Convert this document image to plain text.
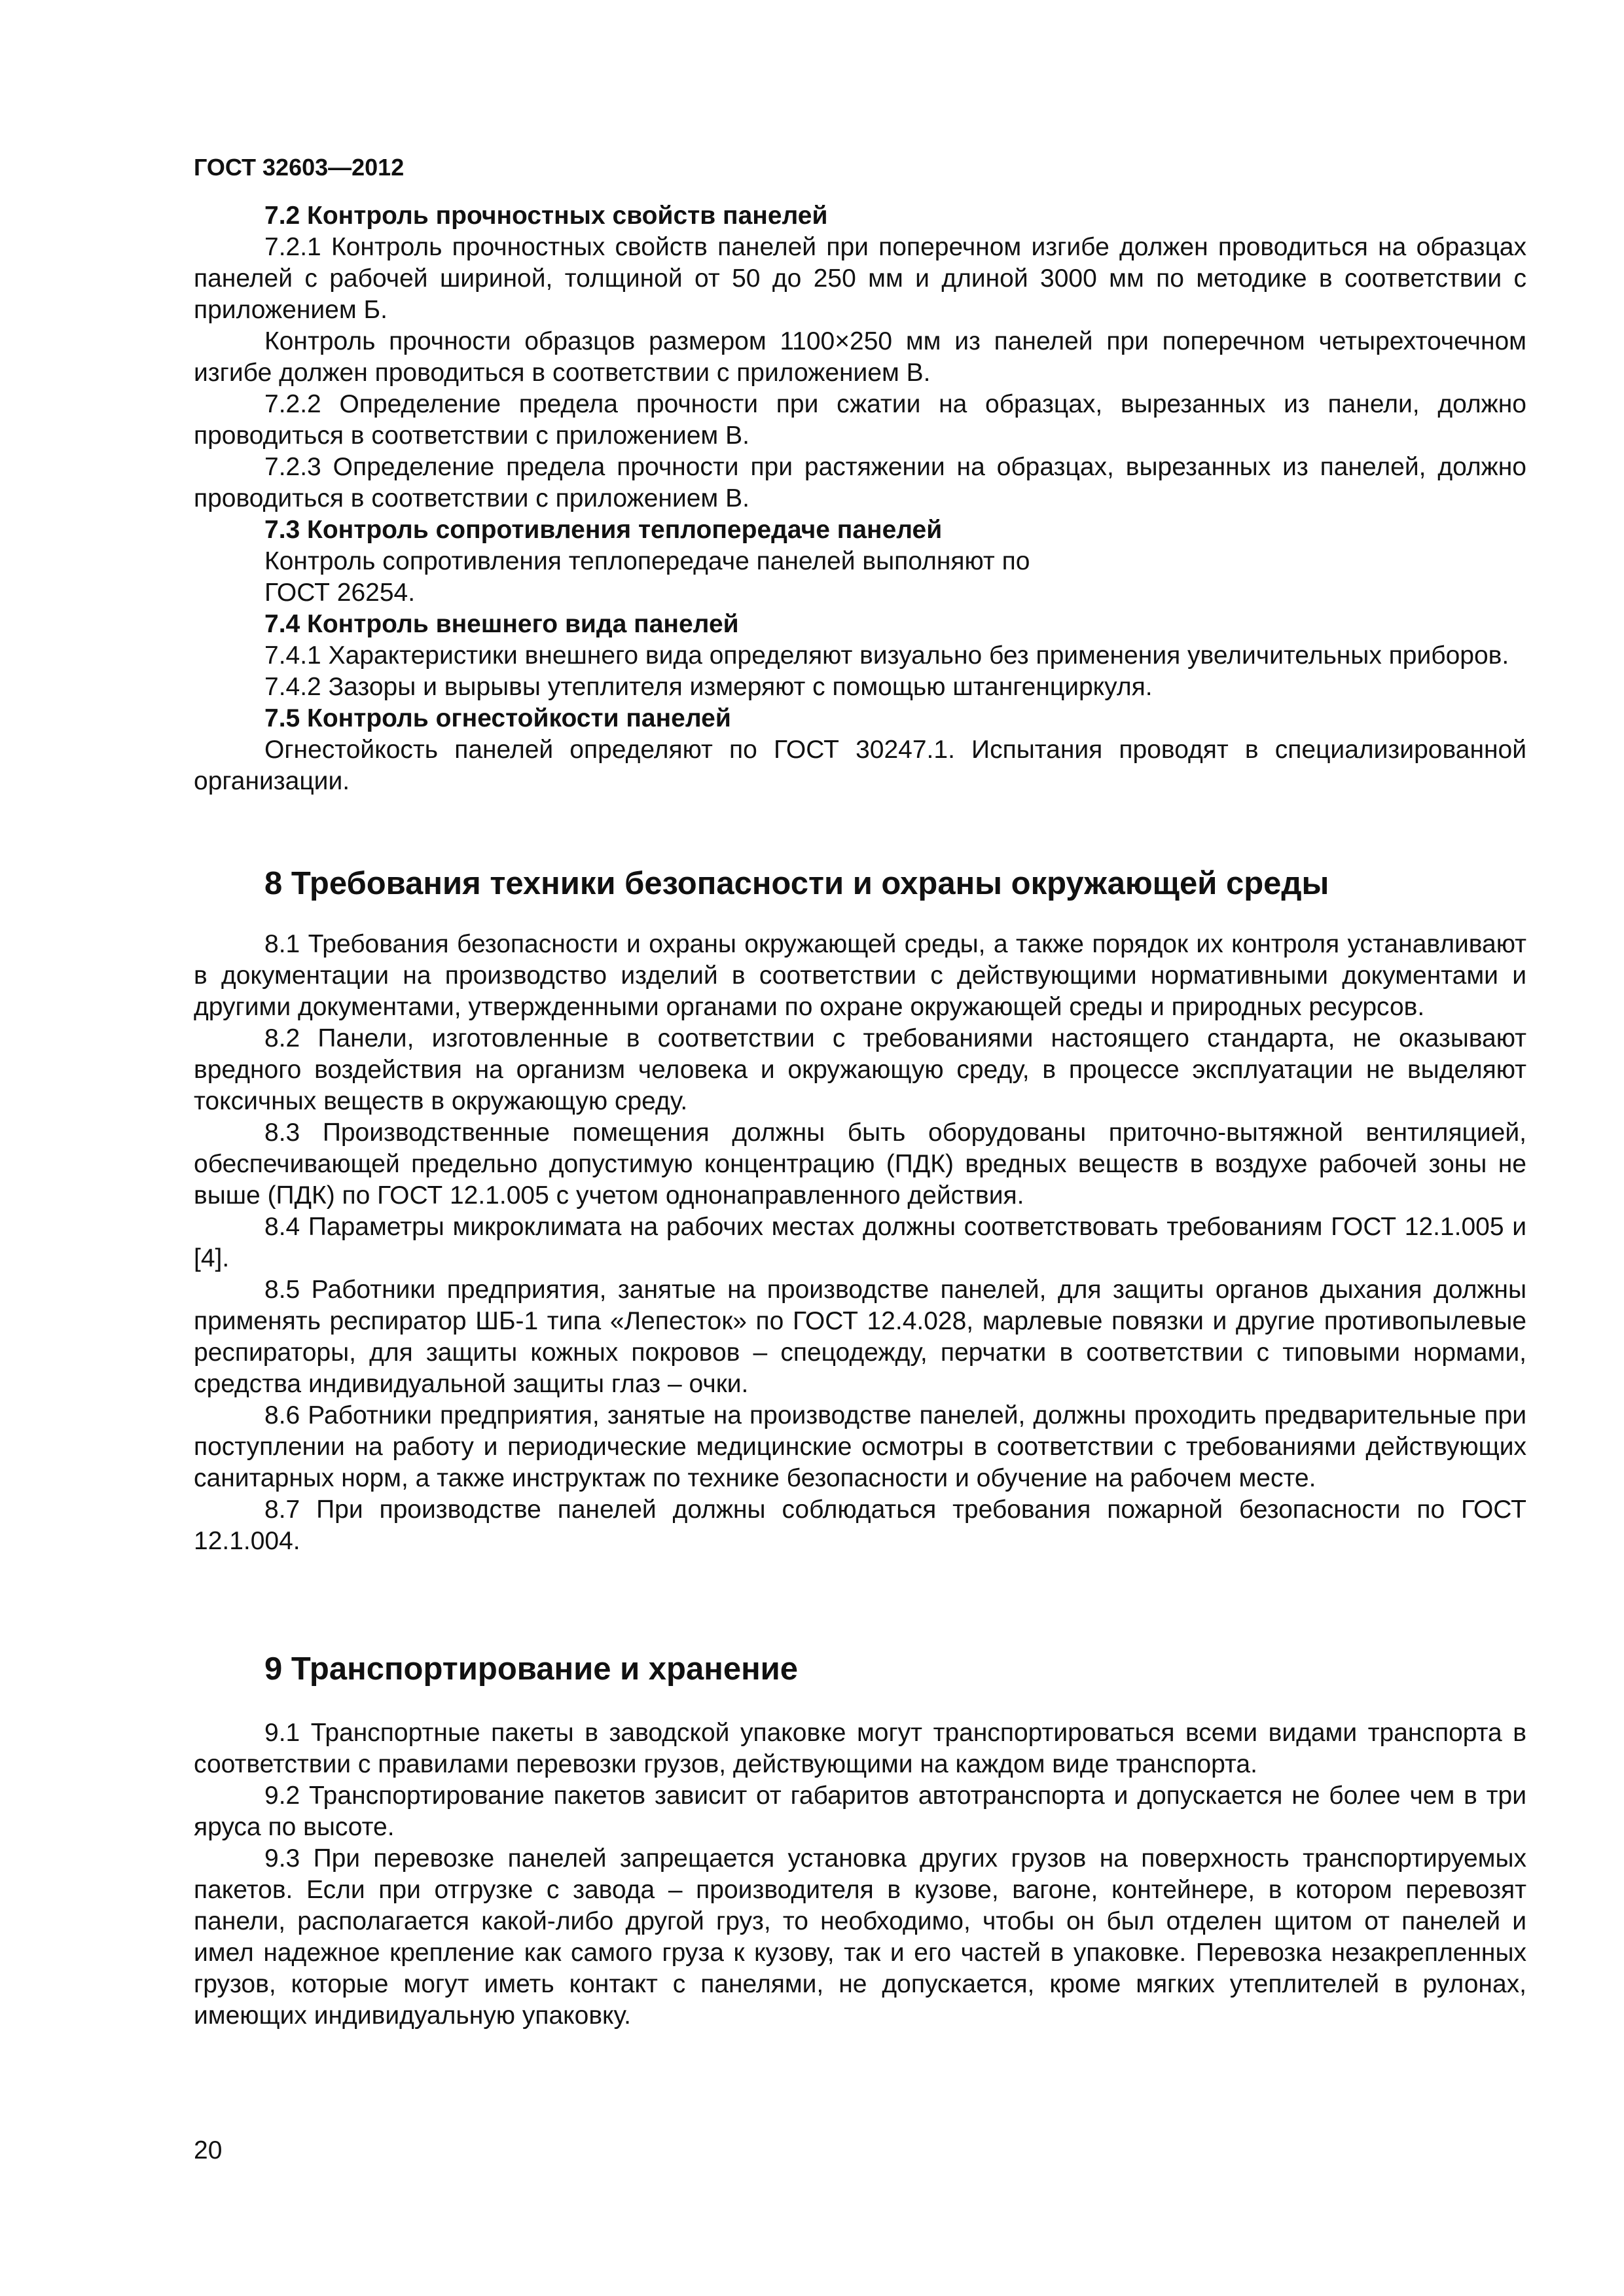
ГОСТ 32603—2012

7.2 Контроль прочностных свойств панелей

7.2.1 Контроль прочностных свойств панелей при поперечном изгибе должен проводиться на образцах панелей с рабочей шириной, толщиной от 50 до 250 мм и длиной 3000 мм по методике в соответствии с приложением Б.

Контроль прочности образцов размером 1100×250 мм из панелей при поперечном четырехточечном изгибе должен проводиться в соответствии с приложением В.

7.2.2 Определение предела прочности при сжатии на образцах, вырезанных из панели, должно проводиться в соответствии с приложением В.

7.2.3 Определение предела прочности при растяжении на образцах, вырезанных из панелей, должно проводиться в соответствии с приложением В.

7.3 Контроль сопротивления теплопередаче панелей

Контроль сопротивления теплопередаче панелей выполняют по

ГОСТ 26254.

7.4 Контроль внешнего вида панелей

7.4.1 Характеристики внешнего вида определяют визуально без применения увеличительных приборов.

7.4.2 Зазоры и вырывы утеплителя измеряют с помощью штангенциркуля.

7.5 Контроль огнестойкости панелей

Огнестойкость панелей определяют по ГОСТ 30247.1. Испытания проводят в специализированной организации.

8 Требования техники безопасности и охраны окружающей среды

8.1 Требования безопасности и охраны окружающей среды, а также порядок их контроля устанавливают в документации на производство изделий в соответствии с действующими нормативными документами и другими документами, утвержденными органами по охране окружающей среды и природных ресурсов.

8.2 Панели, изготовленные в соответствии с требованиями настоящего стандарта, не оказывают вредного воздействия на организм человека и окружающую среду, в процессе эксплуатации не выделяют токсичных веществ в окружающую среду.

8.3 Производственные помещения должны быть оборудованы приточно-вытяжной вентиляцией, обеспечивающей предельно допустимую концентрацию (ПДК) вредных веществ в воздухе рабочей зоны не выше (ПДК) по ГОСТ 12.1.005 с учетом однонаправленного действия.

8.4 Параметры микроклимата на рабочих местах должны соответствовать требованиям ГОСТ 12.1.005 и [4].

8.5 Работники предприятия, занятые на производстве панелей, для защиты органов дыхания должны применять респиратор ШБ-1 типа «Лепесток» по ГОСТ 12.4.028, марлевые повязки и другие противопылевые респираторы, для защиты кожных покровов – спецодежду, перчатки в соответствии с типовыми нормами, средства индивидуальной защиты глаз – очки.

8.6 Работники предприятия, занятые на производстве панелей, должны проходить предварительные при поступлении на работу и периодические медицинские осмотры в соответствии с требованиями действующих санитарных норм, а также инструктаж по технике безопасности и обучение на рабочем месте.

8.7 При производстве панелей должны соблюдаться требования пожарной безопасности по ГОСТ 12.1.004.

9 Транспортирование и хранение

9.1 Транспортные пакеты в заводской упаковке могут транспортироваться всеми видами транспорта в соответствии с правилами перевозки грузов, действующими на каждом виде транспорта.

9.2 Транспортирование пакетов зависит от габаритов автотранспорта и допускается не более чем в три яруса по высоте.

9.3 При перевозке панелей запрещается установка других грузов на поверхность транспортируемых пакетов. Если при отгрузке с завода – производителя в кузове, вагоне, контейнере, в котором перевозят панели, располагается какой-либо другой груз, то необходимо, чтобы он был отделен щитом от панелей и имел надежное крепление как самого груза к кузову, так и его частей в упаковке. Перевозка незакрепленных грузов, которые могут иметь контакт с панелями, не допускается, кроме мягких утеплителей в рулонах, имеющих индивидуальную упаковку.

20
